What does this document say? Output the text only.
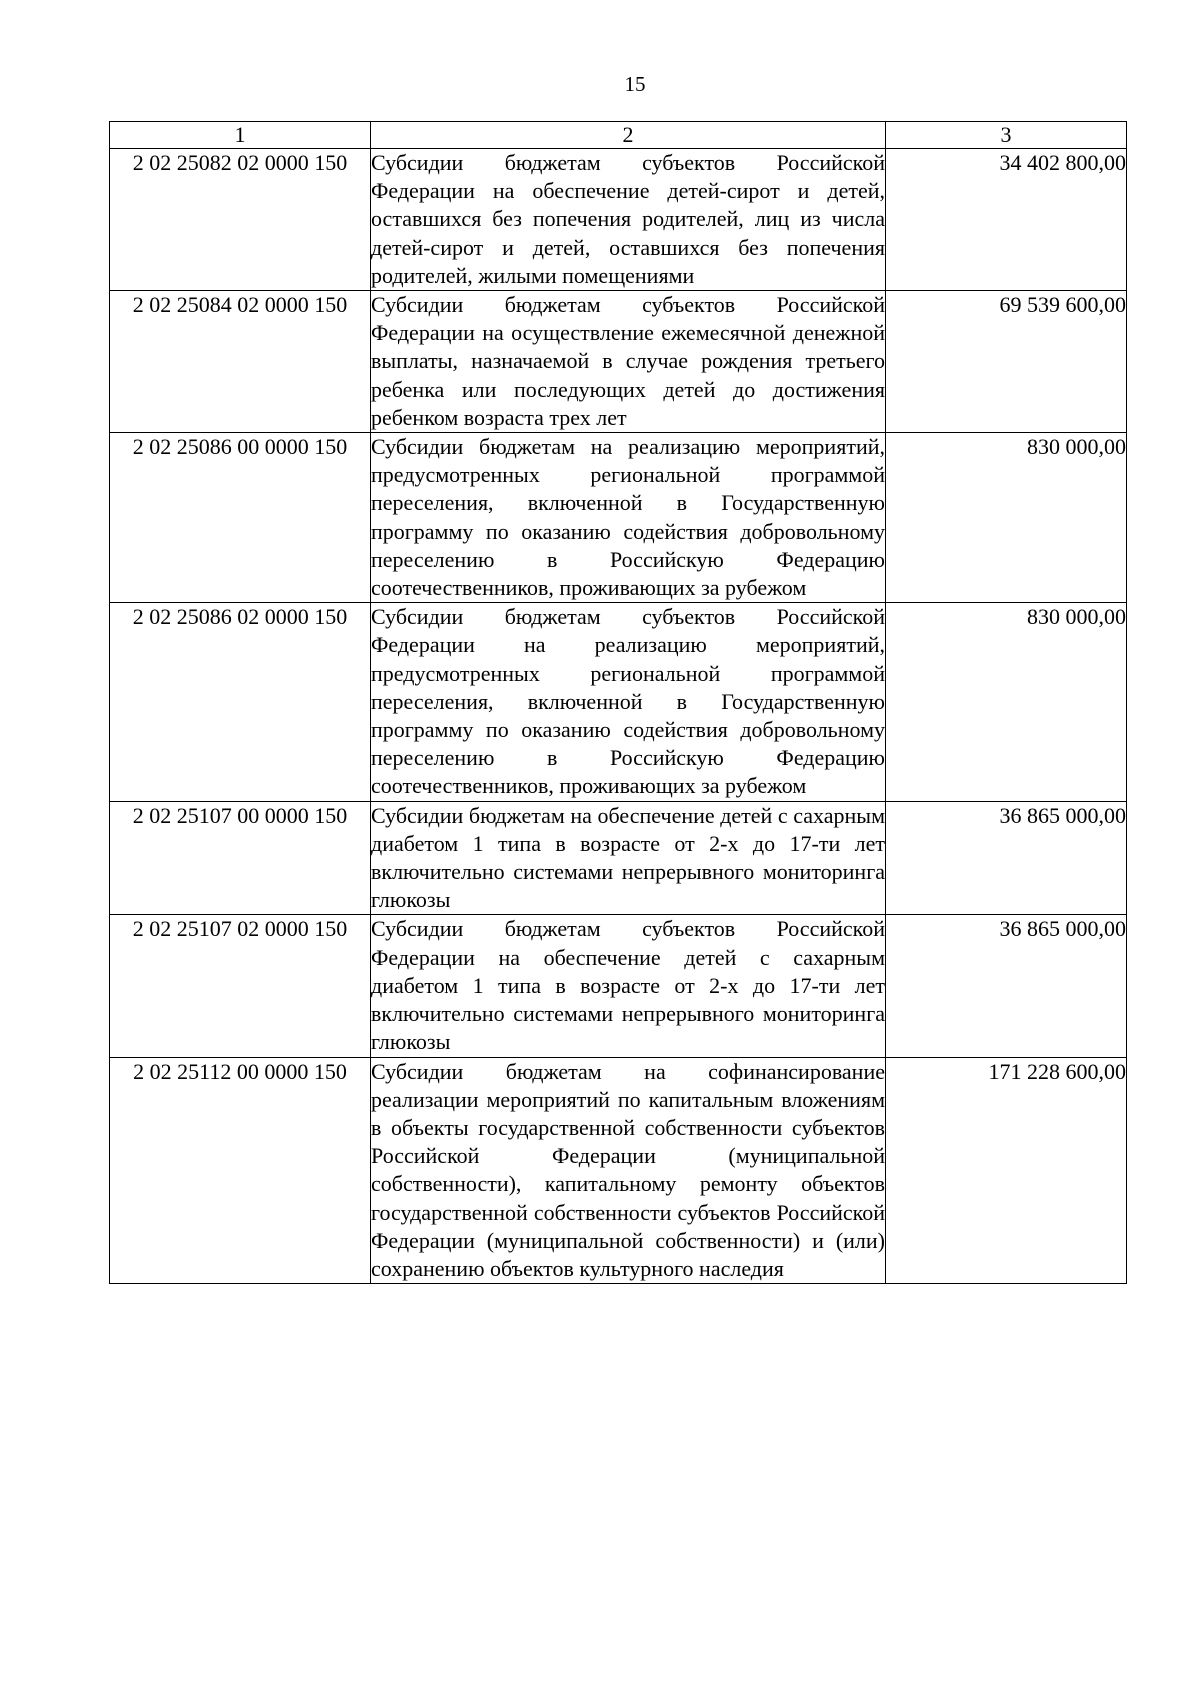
15
1	2	3
2 02 25082 02 0000 150	Субсидии бюджетам субъектов Российской Федерации на обеспечение детей-сирот и детей, оставшихся без попечения родителей, лиц из числа детей-сирот и детей, оставшихся без попечения родителей, жилыми помещениями	34 402 800,00
2 02 25084 02 0000 150	Субсидии бюджетам субъектов Российской Федерации на осуществление ежемесячной денежной выплаты, назначаемой в случае рождения третьего ребенка или последующих детей до достижения ребенком возраста трех лет	69 539 600,00
2 02 25086 00 0000 150	Субсидии бюджетам на реализацию мероприятий, предусмотренных региональной программой переселения, включенной в Государственную программу по оказанию содействия добровольному переселению в Российскую Федерацию соотечественников, проживающих за рубежом	830 000,00
2 02 25086 02 0000 150	Субсидии бюджетам субъектов Российской Федерации на реализацию мероприятий, предусмотренных региональной программой переселения, включенной в Государственную программу по оказанию содействия добровольному переселению в Российскую Федерацию соотечественников, проживающих за рубежом	830 000,00
2 02 25107 00 0000 150	Субсидии бюджетам на обеспечение детей с сахарным диабетом 1 типа в возрасте от 2-х до 17-ти лет включительно системами непрерывного мониторинга глюкозы	36 865 000,00
2 02 25107 02 0000 150	Субсидии бюджетам субъектов Российской Федерации на обеспечение детей с сахарным диабетом 1 типа в возрасте от 2-х до 17-ти лет включительно системами непрерывного мониторинга глюкозы	36 865 000,00
2 02 25112 00 0000 150	Субсидии бюджетам на софинансирование реализации мероприятий по капитальным вложениям в объекты государственной собственности субъектов Российской Федерации (муниципальной собственности), капитальному ремонту объектов государственной собственности субъектов Российской Федерации (муниципальной собственности) и (или) сохранению объектов культурного наследия	171 228 600,00
